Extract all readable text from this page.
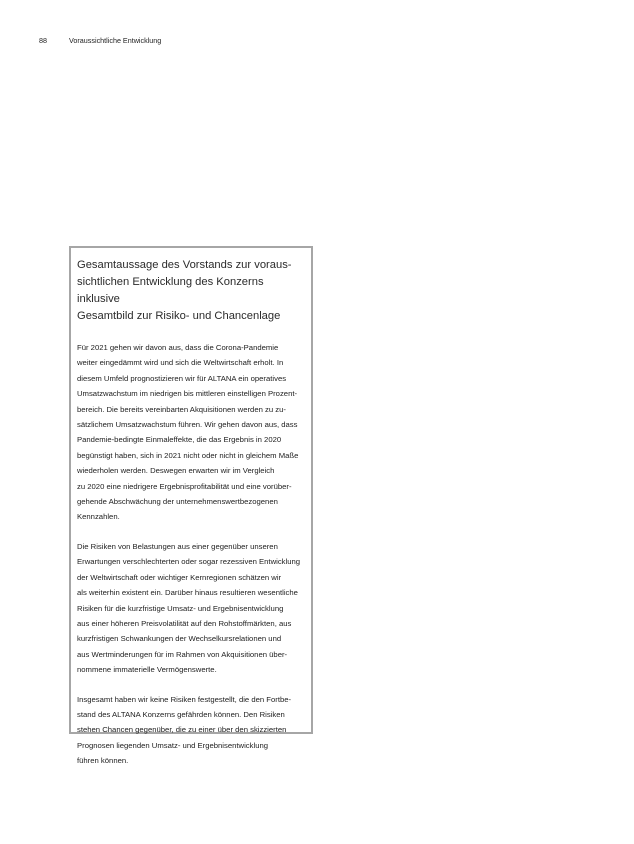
88	Voraussichtliche Entwicklung
Gesamtaussage des Vorstands zur voraus-
sichtlichen Entwicklung des Konzerns inklusive
Gesamtbild zur Risiko- und Chancenlage

Für 2021 gehen wir davon aus, dass die Corona-Pandemie
weiter eingedämmt wird und sich die Weltwirtschaft erholt. In
diesem Umfeld prognostizieren wir für ALTANA ein operatives
Umsatzwachstum im niedrigen bis mittleren einstelligen Prozent-
bereich. Die bereits vereinbarten Akquisitionen werden zu zu-
sätzlichem Umsatzwachstum führen. Wir gehen davon aus, dass
Pandemie-bedingte Einmaleffekte, die das Ergebnis in 2020
begünstigt haben, sich in 2021 nicht oder nicht in gleichem Maße
wiederholen werden. Deswegen erwarten wir im Vergleich
zu 2020 eine niedrigere Ergebnisprofitabilität und eine vorüber-
gehende Abschwächung der unternehmenswertbezogenen
Kennzahlen.

Die Risiken von Belastungen aus einer gegenüber unseren
Erwartungen verschlechterten oder sogar rezessiven Entwicklung
der Weltwirtschaft oder wichtiger Kernregionen schätzen wir
als weiterhin existent ein. Darüber hinaus resultieren wesentliche
Risiken für die kurzfristige Umsatz- und Ergebnisentwicklung
aus einer höheren Preisvolatilität auf den Rohstoffmärkten, aus
kurzfristigen Schwankungen der Wechselkursrelationen und
aus Wertminderungen für im Rahmen von Akquisitionen über-
nommene immaterielle Vermögenswerte.

Insgesamt haben wir keine Risiken festgestellt, die den Fortbe-
stand des ALTANA Konzerns gefährden können. Den Risiken
stehen Chancen gegenüber, die zu einer über den skizzierten
Prognosen liegenden Umsatz- und Ergebnisentwicklung
führen können.
